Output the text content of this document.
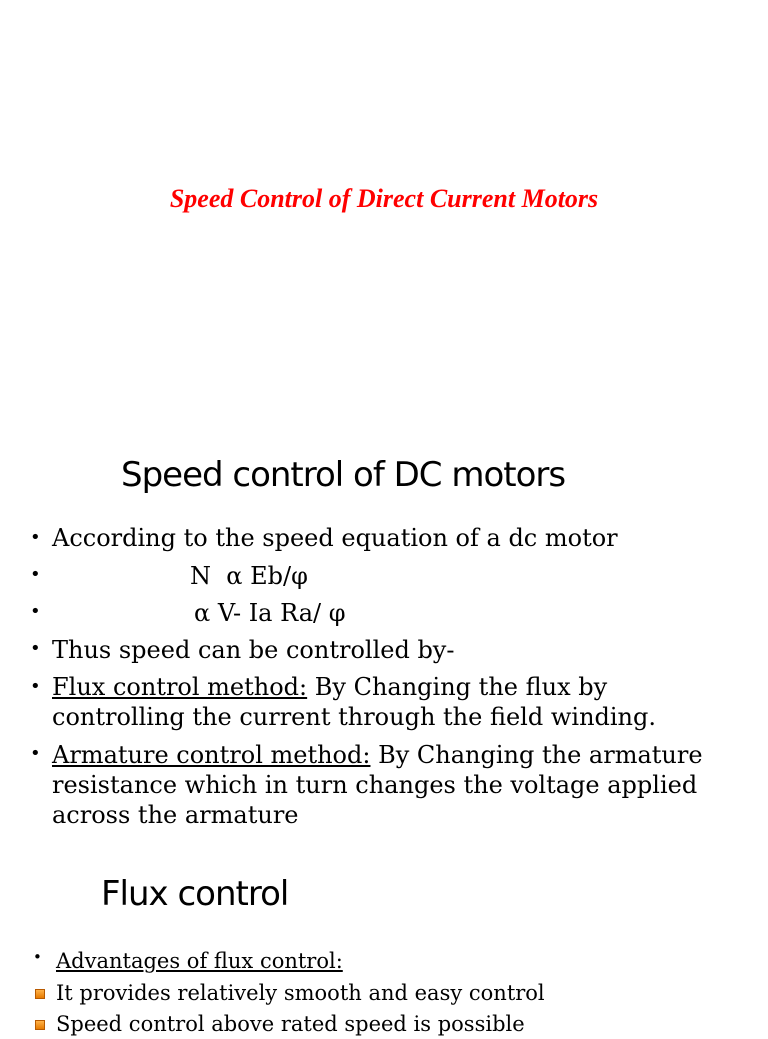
Speed Control of Direct Current Motors
Speed control of DC motors
• According to the speed equation of a dc motor
•	N  α Eb/φ
•	α V- Ia Ra/ φ
• Thus speed can be controlled by-
• Flux control method: By Changing the flux by
controlling the current through the field winding.
• Armature control method: By Changing the armature
resistance which in turn changes the voltage applied
across the armature
Flux control
• Advantages of flux control:
It provides relatively smooth and easy control
Speed control above rated speed is possible
